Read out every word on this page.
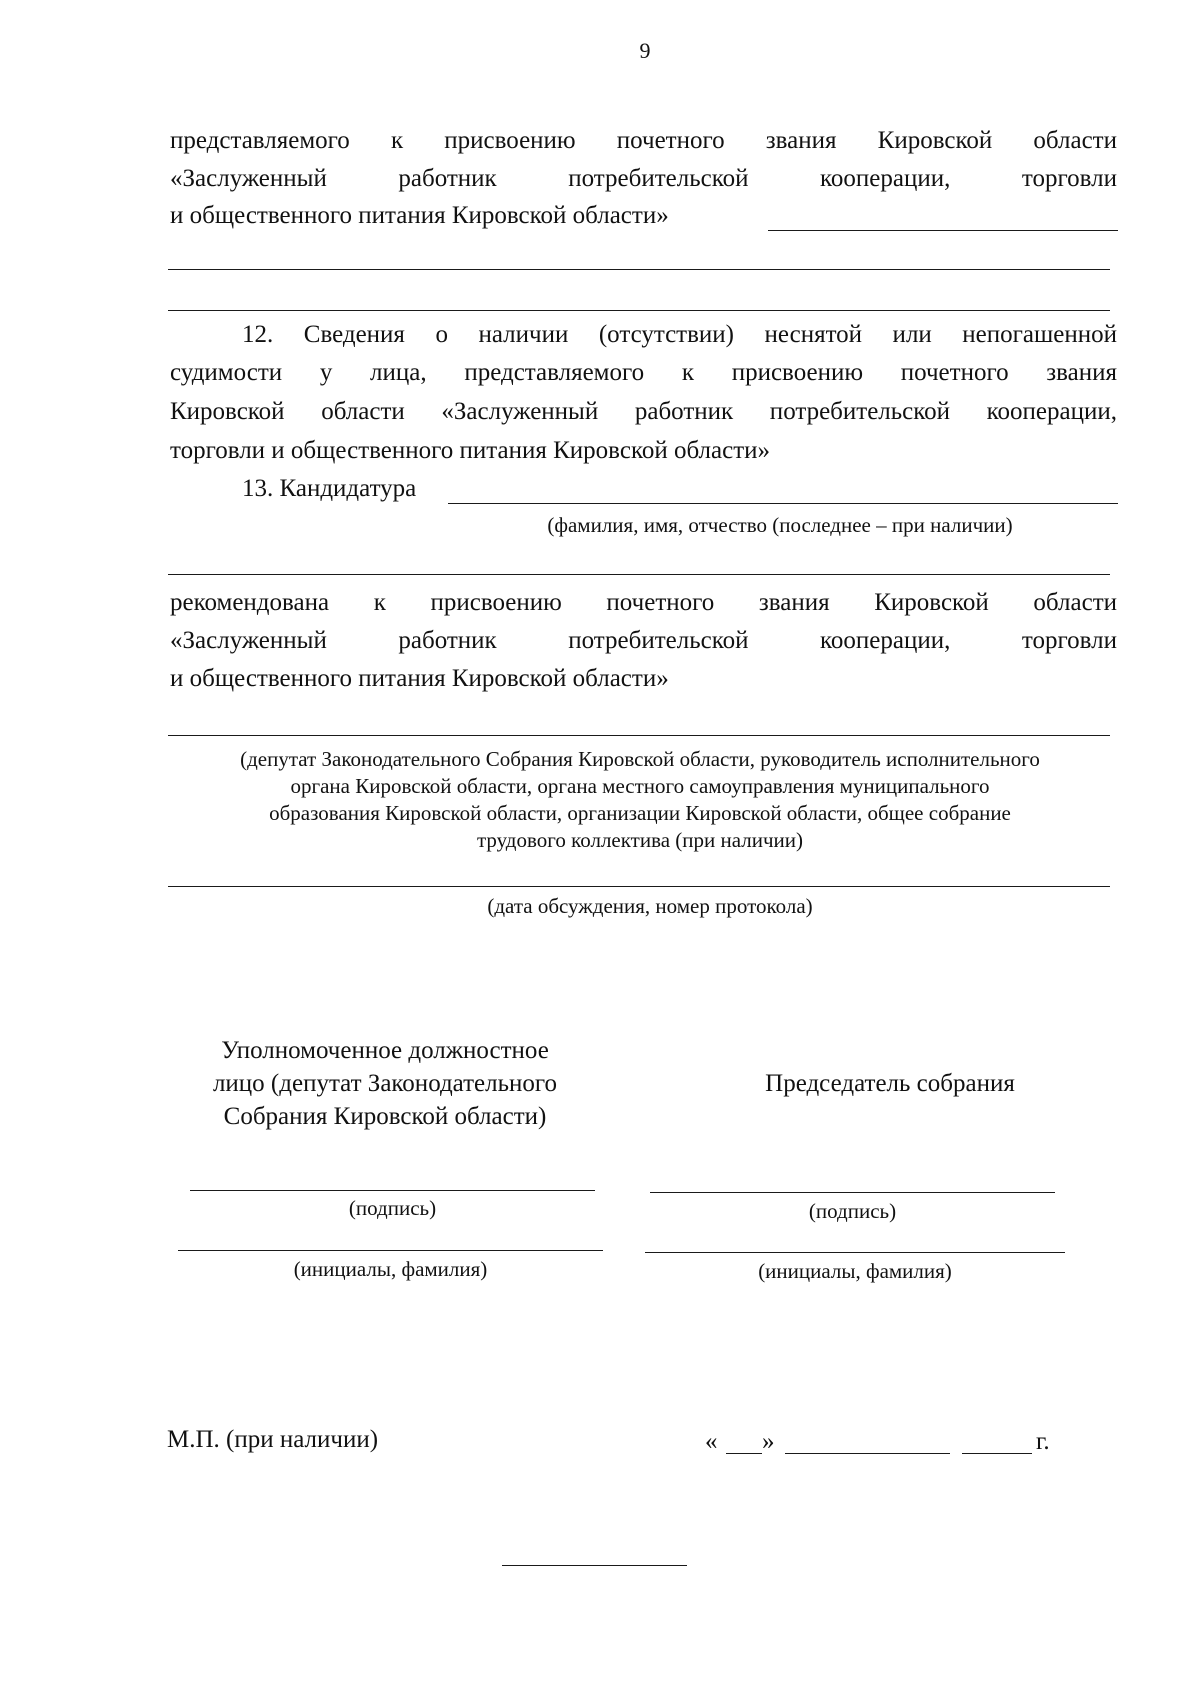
9
представляемого к присвоению почетного звания Кировской области
«Заслуженный работник потребительской кооперации, торговли
и общественного питания Кировской области»
12. Сведения о наличии (отсутствии) неснятой или непогашенной
судимости у лица, представляемого к присвоению почетного звания
Кировской области «Заслуженный работник потребительской кооперации,
торговли и общественного питания Кировской области»
13. Кандидатура
(фамилия, имя, отчество (последнее – при наличии)
рекомендована к присвоению почетного звания Кировской области
«Заслуженный работник потребительской кооперации, торговли
и общественного питания Кировской области»
(депутат Законодательного Собрания Кировской области, руководитель исполнительного
органа Кировской области, органа местного самоуправления муниципального
образования Кировской области, организации Кировской области, общее собрание
трудового коллектива (при наличии)
(дата обсуждения, номер протокола)
Уполномоченное должностное
лицо (депутат Законодательного
Собрания Кировской области)
Председатель собрания
(подпись)
(инициалы, фамилия)
(подпись)
(инициалы, фамилия)
М.П. (при наличии)	«	»	г.
